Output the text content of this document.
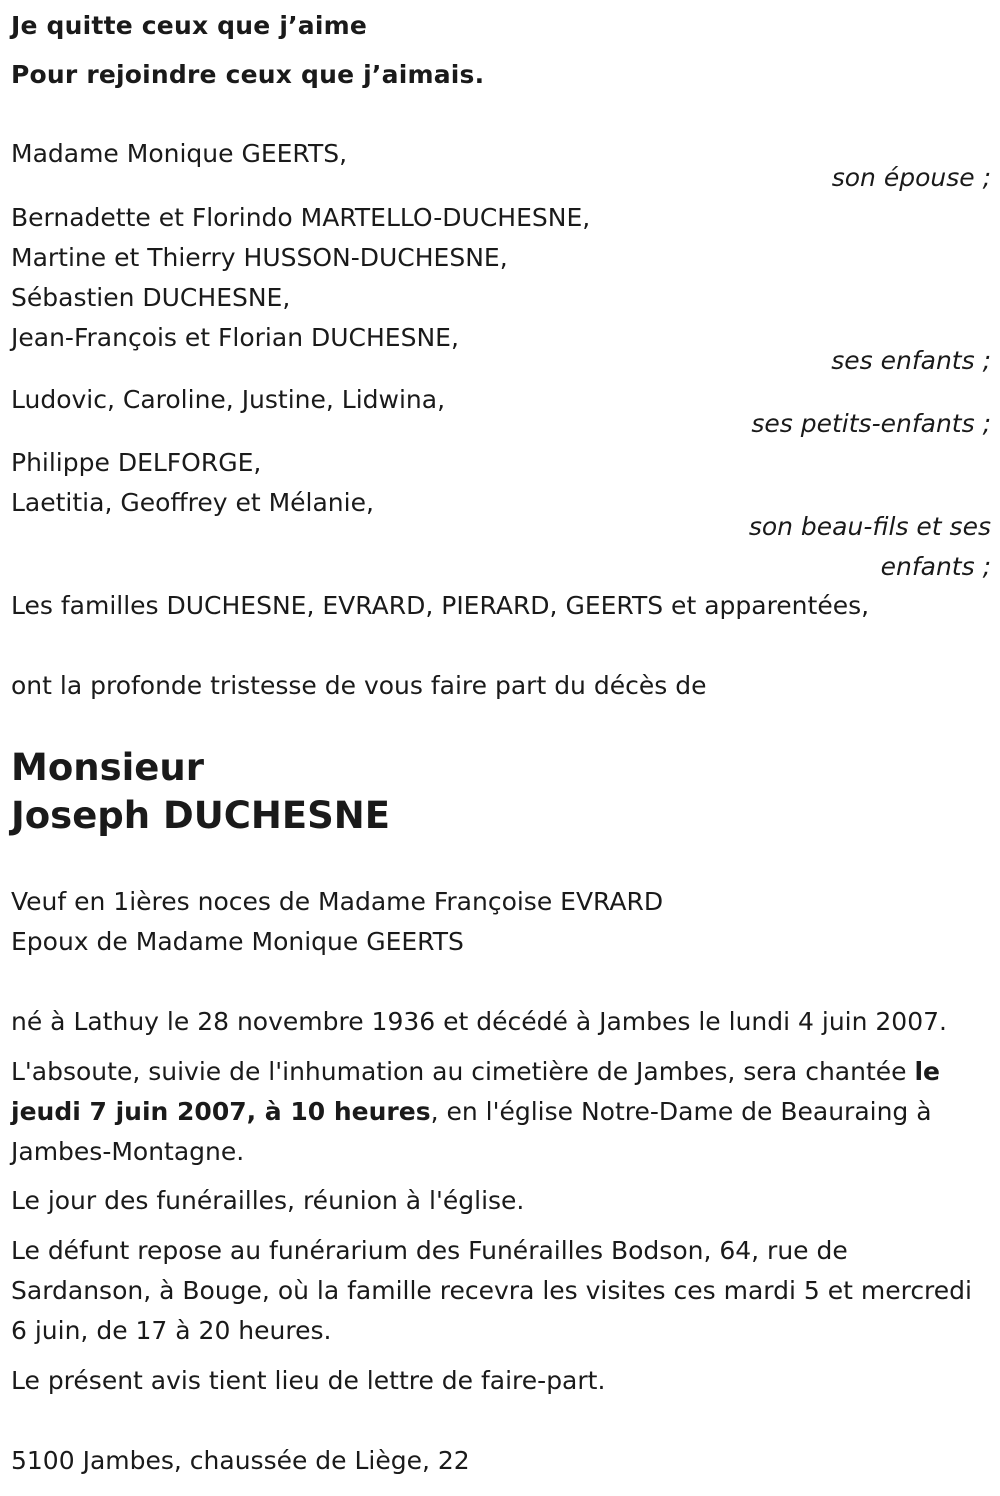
Je quitte ceux que j’aime
Pour rejoindre ceux que j’aimais.
Madame Monique GEERTS,
son épouse ;
Bernadette et Florindo MARTELLO-DUCHESNE,
Martine et Thierry HUSSON-DUCHESNE,
Sébastien DUCHESNE,
Jean-François et Florian DUCHESNE,
ses enfants ;
Ludovic, Caroline, Justine, Lidwina,
ses petits-enfants ;
Philippe DELFORGE,
Laetitia, Geoffrey et Mélanie,
son beau-fils et ses
enfants ;
Les familles DUCHESNE, EVRARD, PIERARD, GEERTS et apparentées,
ont la profonde tristesse de vous faire part du décès de
Monsieur
Joseph DUCHESNE
Veuf en 1ières noces de Madame Françoise EVRARD
Epoux de Madame Monique GEERTS
né à Lathuy le 28 novembre 1936 et décédé à Jambes le lundi 4 juin 2007.
L'absoute, suivie de l'inhumation au cimetière de Jambes, sera chantée le jeudi 7 juin 2007, à 10 heures, en l'église Notre-Dame de Beauraing à Jambes-Montagne.
Le jour des funérailles, réunion à l'église.
Le défunt repose au funérarium des Funérailles Bodson, 64, rue de Sardanson, à Bouge, où la famille recevra les visites ces mardi 5 et mercredi 6 juin, de 17 à 20 heures.
Le présent avis tient lieu de lettre de faire-part.
5100 Jambes, chaussée de Liège, 22
